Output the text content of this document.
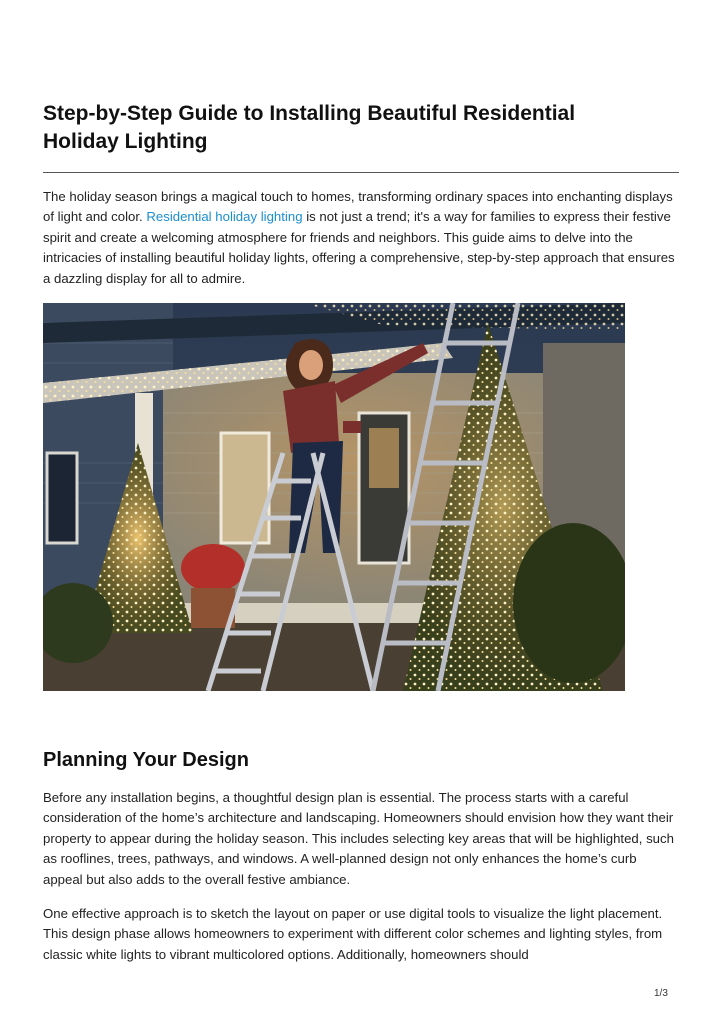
Step-by-Step Guide to Installing Beautiful Residential Holiday Lighting

The holiday season brings a magical touch to homes, transforming ordinary spaces into enchanting displays of light and color. Residential holiday lighting is not just a trend; it's a way for families to express their festive spirit and create a welcoming atmosphere for friends and neighbors. This guide aims to delve into the intricacies of installing beautiful holiday lights, offering a comprehensive, step-by-step approach that ensures a dazzling display for all to admire.

Planning Your Design

Before any installation begins, a thoughtful design plan is essential. The process starts with a careful consideration of the home’s architecture and landscaping. Homeowners should envision how they want their property to appear during the holiday season. This includes selecting key areas that will be highlighted, such as rooflines, trees, pathways, and windows. A well-planned design not only enhances the home’s curb appeal but also adds to the overall festive ambiance.

One effective approach is to sketch the layout on paper or use digital tools to visualize the light placement. This design phase allows homeowners to experiment with different color schemes and lighting styles, from classic white lights to vibrant multicolored options. Additionally, homeowners should

1/3
